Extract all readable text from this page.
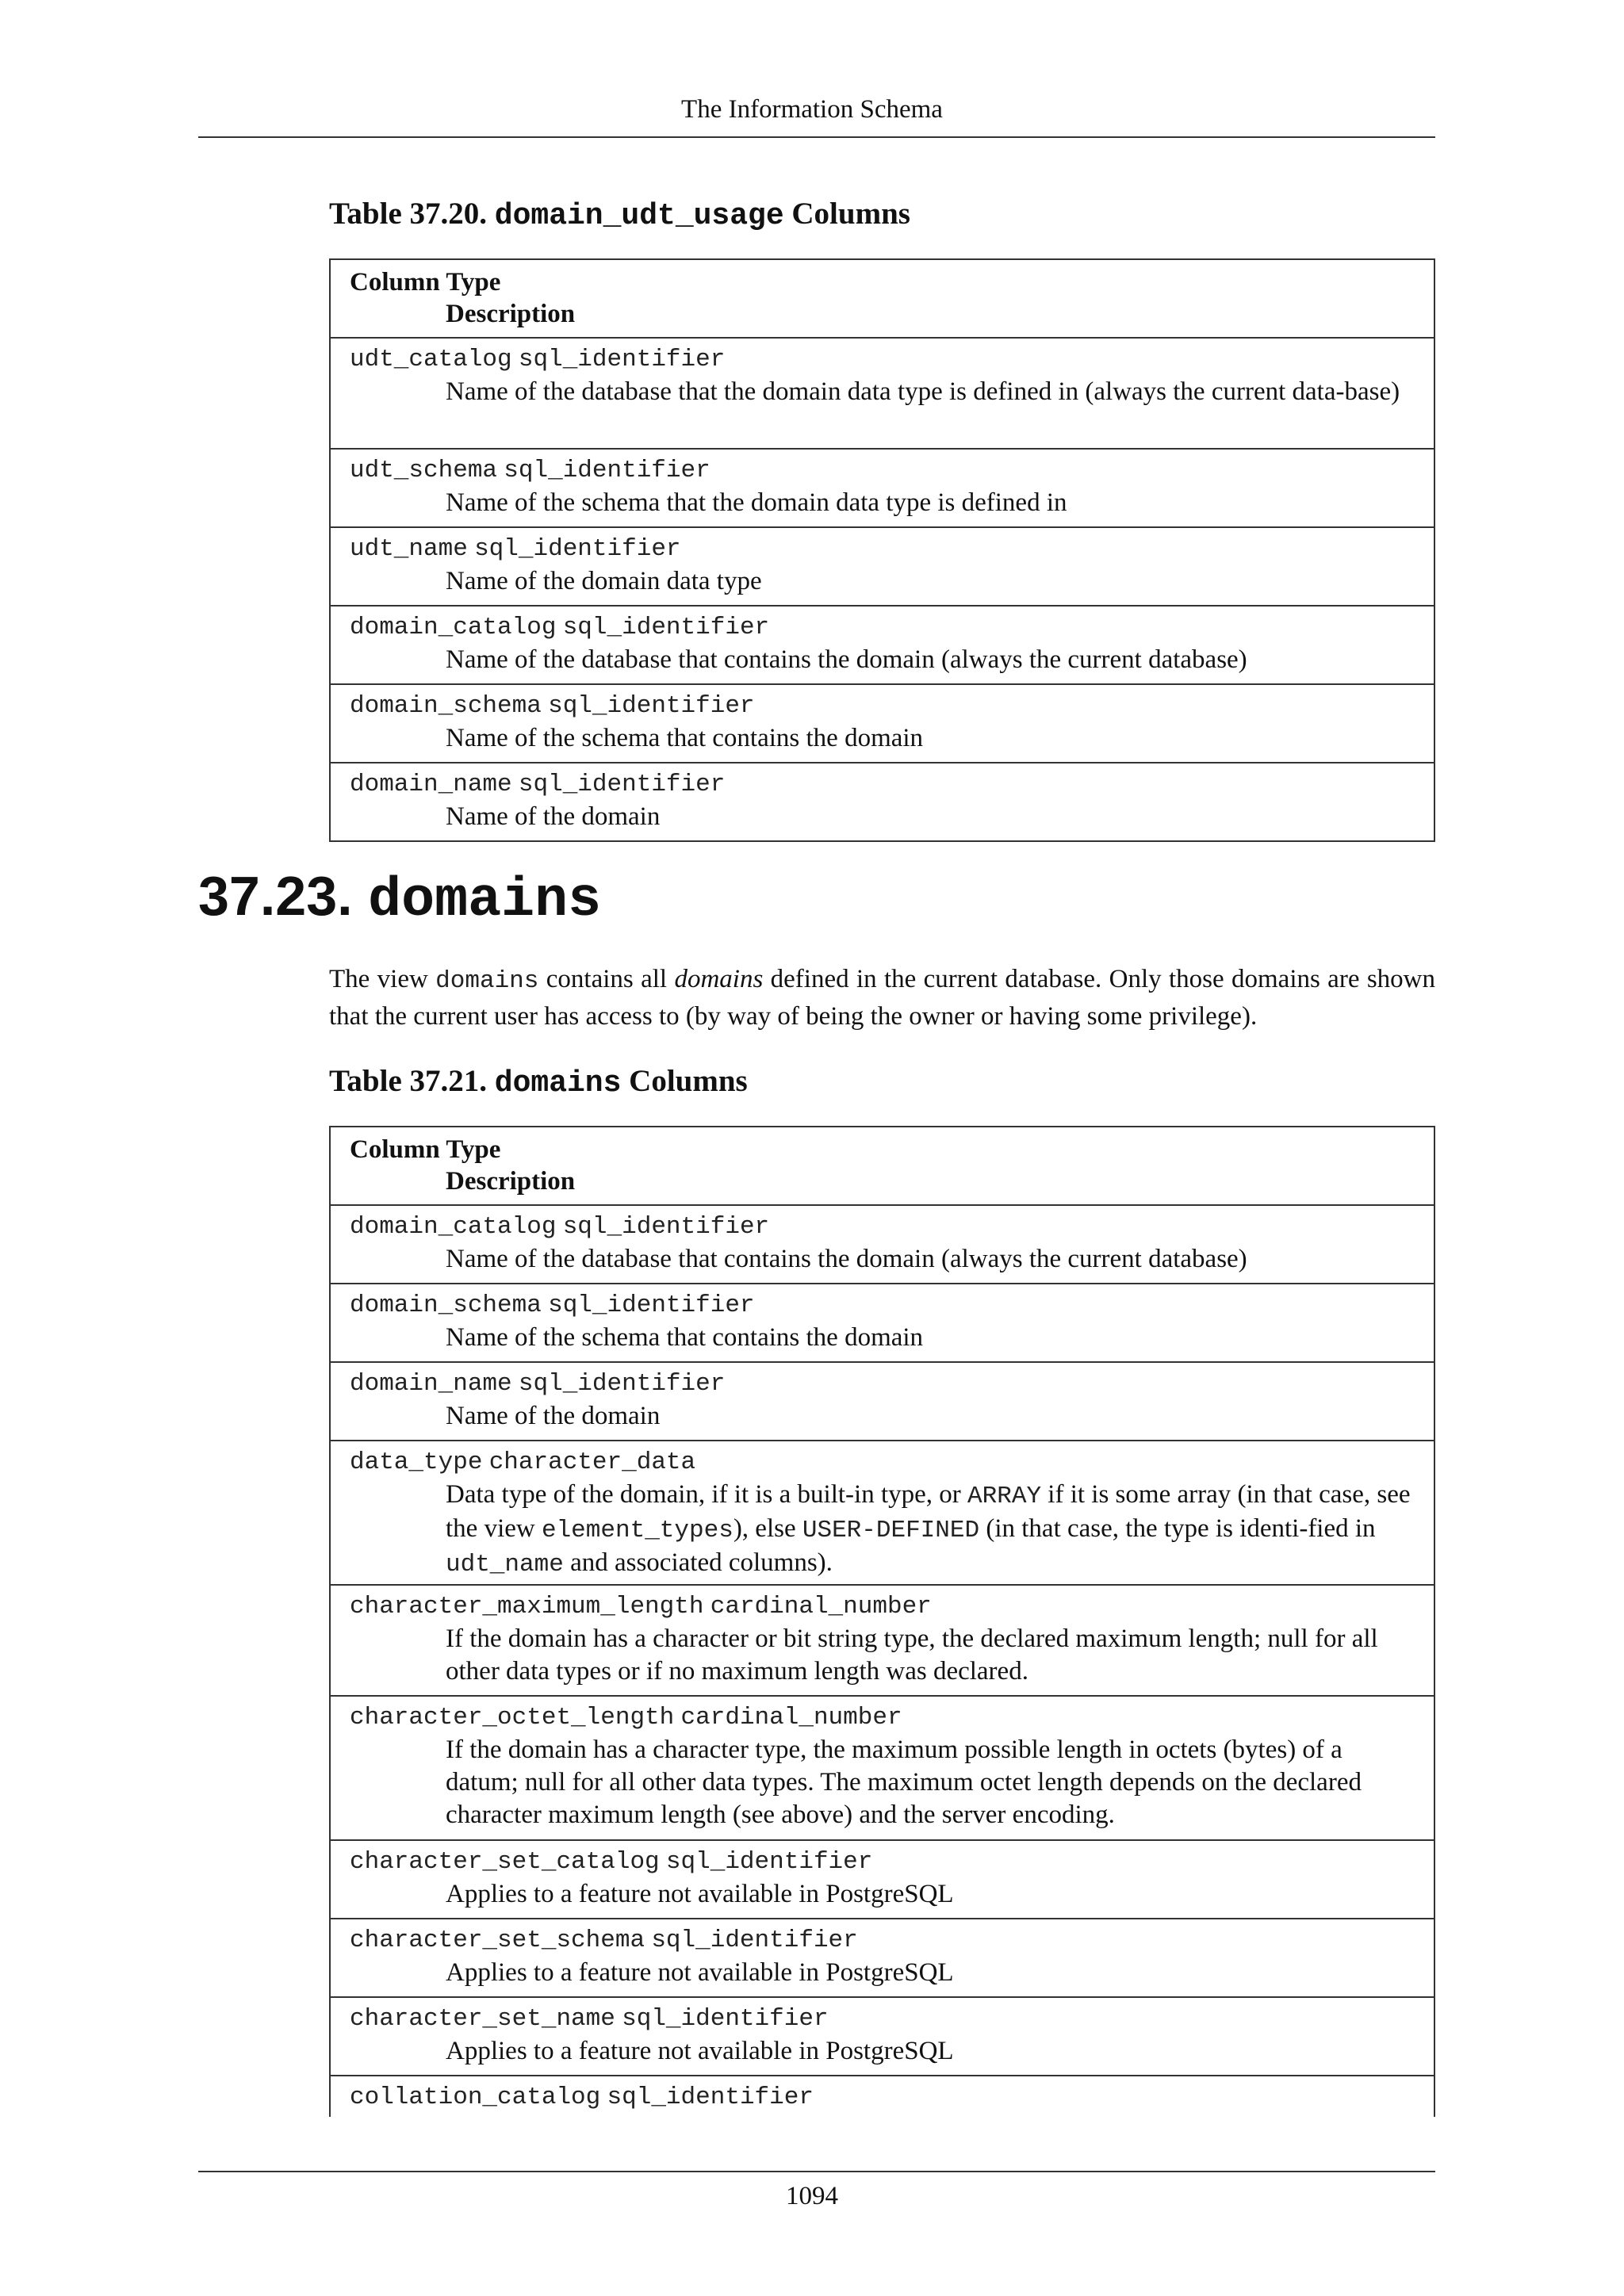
The Information Schema
Table 37.20. domain_udt_usage Columns
Column Type
Description
udt_catalog sql_identifier
Name of the database that the domain data type is defined in (always the current data-base)
udt_schema sql_identifier
Name of the schema that the domain data type is defined in
udt_name sql_identifier
Name of the domain data type
domain_catalog sql_identifier
Name of the database that contains the domain (always the current database)
domain_schema sql_identifier
Name of the schema that contains the domain
domain_name sql_identifier
Name of the domain
37.23. domains
The view domains contains all domains defined in the current database. Only those domains are shown that the current user has access to (by way of being the owner or having some privilege).
Table 37.21. domains Columns
Column Type
Description
domain_catalog sql_identifier
Name of the database that contains the domain (always the current database)
domain_schema sql_identifier
Name of the schema that contains the domain
domain_name sql_identifier
Name of the domain
data_type character_data
Data type of the domain, if it is a built-in type, or ARRAY if it is some array (in that case, see the view element_types), else USER-DEFINED (in that case, the type is identi-fied in udt_name and associated columns).
character_maximum_length cardinal_number
If the domain has a character or bit string type, the declared maximum length; null for all other data types or if no maximum length was declared.
character_octet_length cardinal_number
If the domain has a character type, the maximum possible length in octets (bytes) of a datum; null for all other data types. The maximum octet length depends on the declared character maximum length (see above) and the server encoding.
character_set_catalog sql_identifier
Applies to a feature not available in PostgreSQL
character_set_schema sql_identifier
Applies to a feature not available in PostgreSQL
character_set_name sql_identifier
Applies to a feature not available in PostgreSQL
collation_catalog sql_identifier
1094
